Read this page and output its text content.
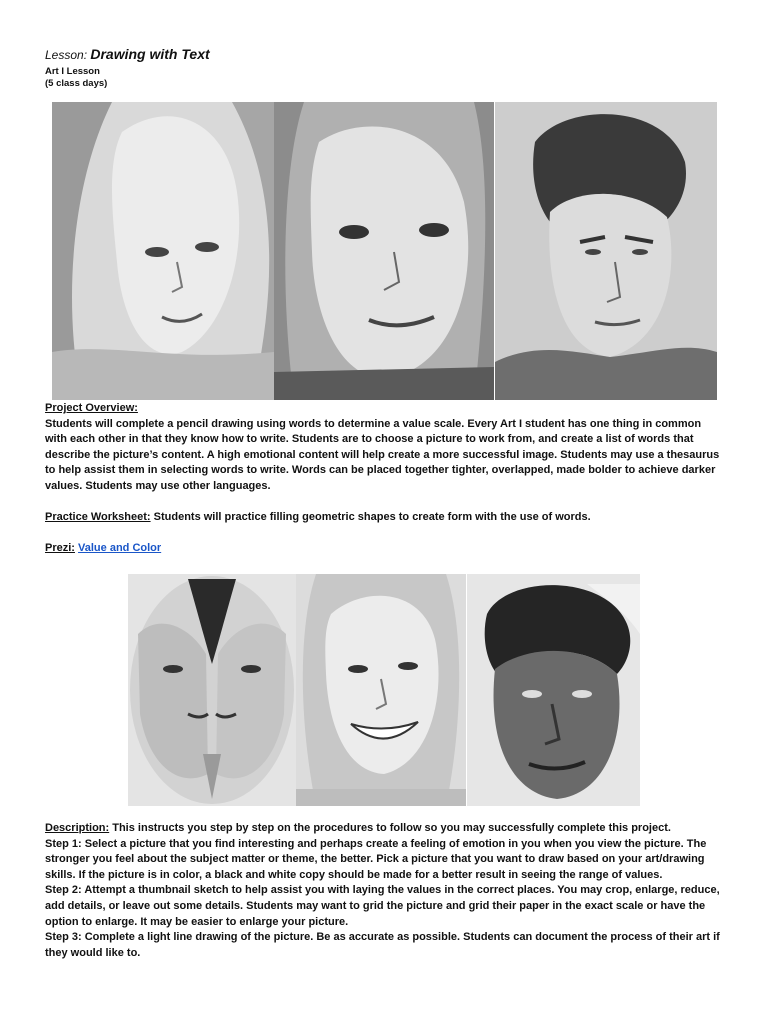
Lesson: Drawing with Text
Art I Lesson
(5 class days)

Project Overview:

Students will complete a pencil drawing using words to determine a value scale. Every Art I student has one thing in common with each other in that they know how to write. Students are to choose a picture to work from, and create a list of words that describe the picture’s content. A high emotional content will help create a more successful image. Students may use a thesaurus to help assist them in selecting words to write. Words can be placed together tighter, overlapped, made bolder to achieve darker values. Students may use other languages.

Practice Worksheet: Students will practice filling geometric shapes to create form with the use of words.
Prezi: Value and Color

Description: This instructs you step by step on the procedures to follow so you may successfully complete this project.

Step 1: Select a picture that you find interesting and perhaps create a feeling of emotion in you when you view the picture. The stronger you feel about the subject matter or theme, the better. Pick a picture that you want to draw based on your art/drawing skills. If the picture is in color, a black and white copy should be made for a better result in seeing the range of values.

Step 2: Attempt a thumbnail sketch to help assist you with laying the values in the correct places. You may crop, enlarge, reduce, add details, or leave out some details. Students may want to grid the picture and grid their paper in the exact scale or have the option to enlarge. It may be easier to enlarge your picture.

Step 3: Complete a light line drawing of the picture. Be as accurate as possible. Students can document the process of their art if they would like to.
